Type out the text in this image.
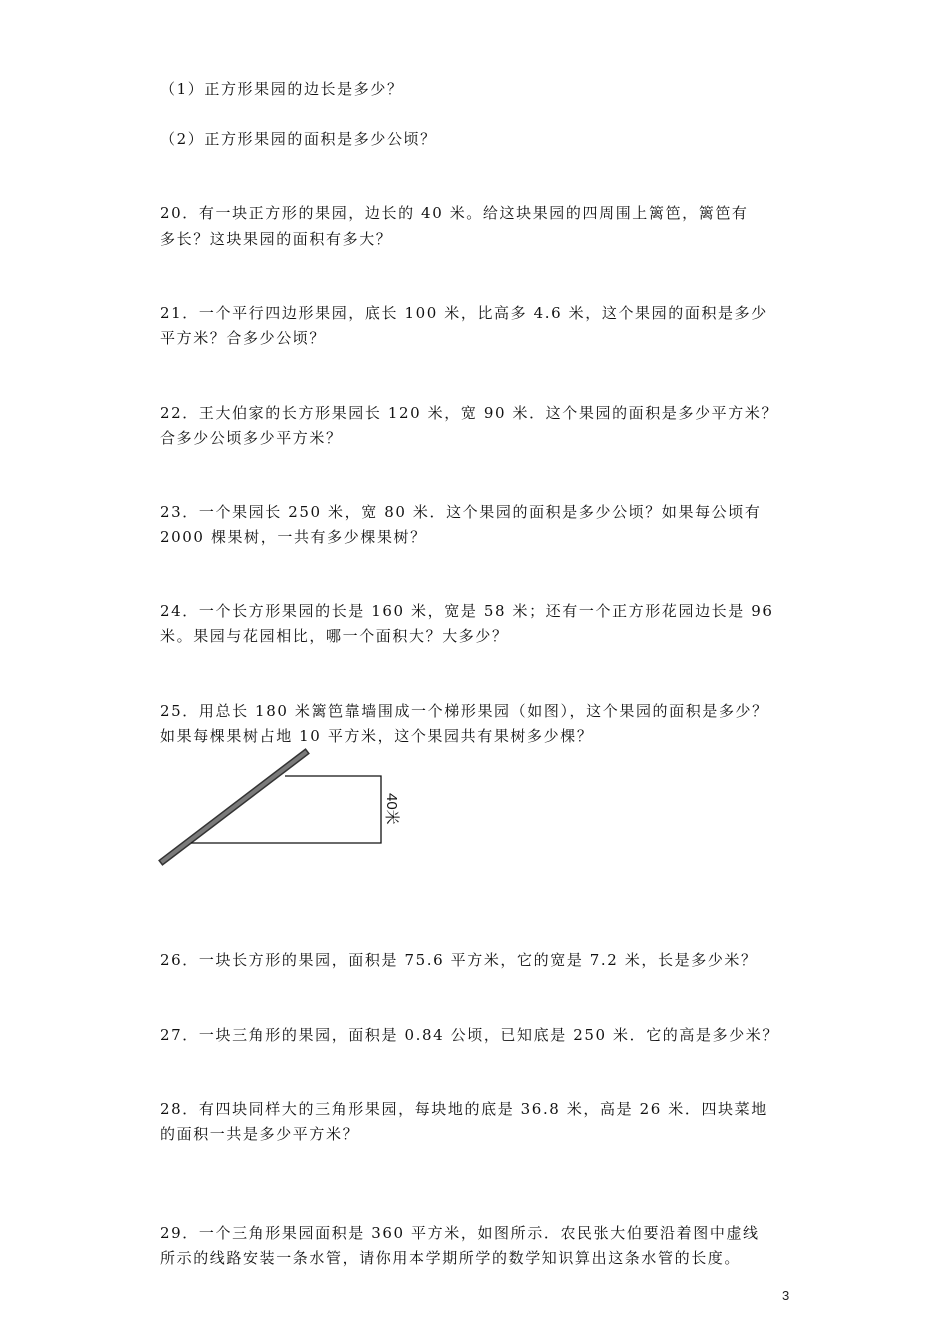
（1）正方形果园的边长是多少？
（2）正方形果园的面积是多少公顷？
20．有一块正方形的果园，边长的 40 米。给这块果园的四周围上篱笆，篱笆有
多长？这块果园的面积有多大？
21．一个平行四边形果园，底长 100 米，比高多 4.6 米，这个果园的面积是多少
平方米？合多少公顷？
22．王大伯家的长方形果园长 120 米，宽 90 米．这个果园的面积是多少平方米？
合多少公顷多少平方米？
23．一个果园长 250 米，宽 80 米．这个果园的面积是多少公顷？如果每公顷有
2000 棵果树，一共有多少棵果树？
24．一个长方形果园的长是 160 米，宽是 58 米；还有一个正方形花园边长是 96
米。果园与花园相比，哪一个面积大？大多少？
25．用总长 180 米篱笆靠墙围成一个梯形果园（如图），这个果园的面积是多少？
如果每棵果树占地 10 平方米，这个果园共有果树多少棵？
40米
26．一块长方形的果园，面积是 75.6 平方米，它的宽是 7.2 米，长是多少米？
27．一块三角形的果园，面积是 0.84 公顷，已知底是 250 米．它的高是多少米？
28．有四块同样大的三角形果园，每块地的底是 36.8 米，高是 26 米．四块菜地
的面积一共是多少平方米？
29．一个三角形果园面积是 360 平方米，如图所示．农民张大伯要沿着图中虚线
所示的线路安装一条水管，请你用本学期所学的数学知识算出这条水管的长度。
3
